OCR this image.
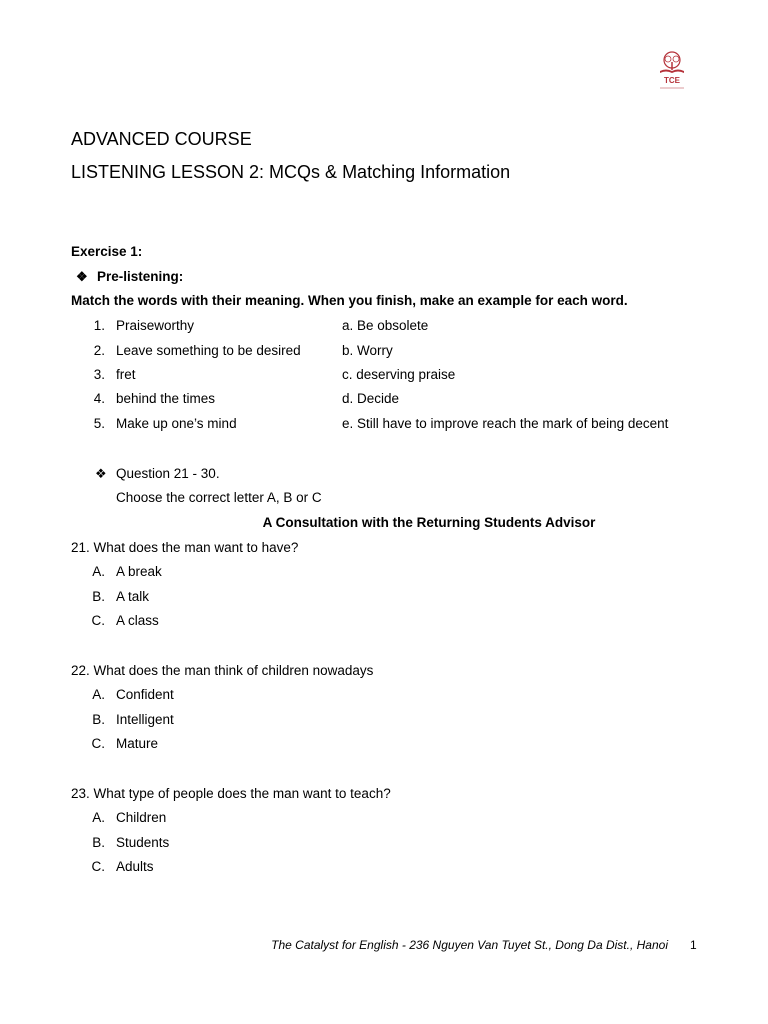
TCE
ADVANCED COURSE
LISTENING LESSON 2: MCQs & Matching Information
Exercise 1:
❖ Pre-listening:
Match the words with their meaning. When you finish, make an example for each word.
1. Praiseworthy	a. Be obsolete
2. Leave something to be desired	b. Worry
3. fret	c. deserving praise
4. behind the times	d. Decide
5. Make up one’s mind	e. Still have to improve reach the mark of being decent
❖ Question 21 - 30.
Choose the correct letter A, B or C
A Consultation with the Returning Students Advisor
21. What does the man want to have?
A. A break
B. A talk
C. A class
22. What does the man think of children nowadays
A. Confident
B. Intelligent
C. Mature
23. What type of people does the man want to teach?
A. Children
B. Students
C. Adults
The Catalyst for English - 236 Nguyen Van Tuyet St., Dong Da Dist., Hanoi 1
